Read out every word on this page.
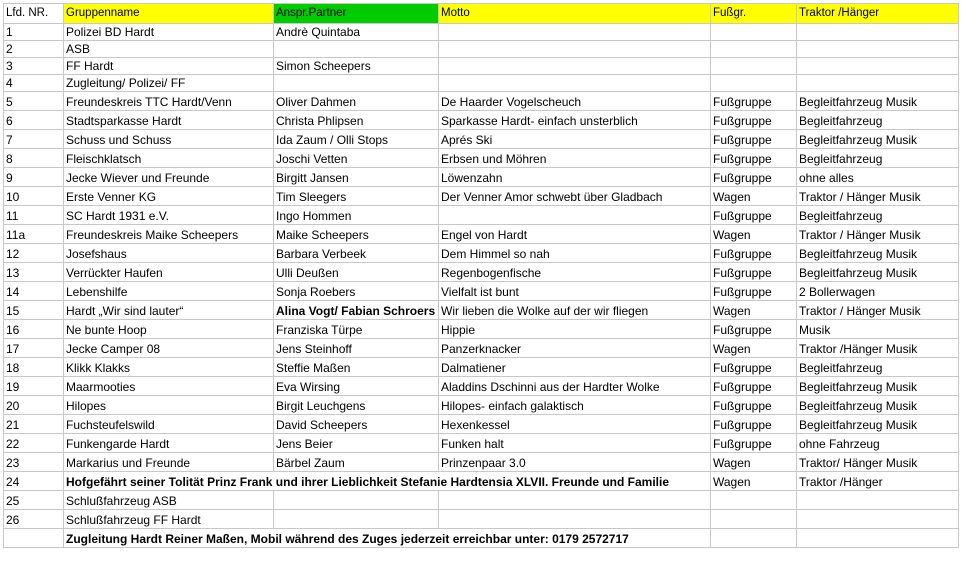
Lfd. NR.	Gruppenname	Anspr.Partner	Motto	Fußgr.	Traktor /Hänger
1	Polizei BD Hardt	Andrè Quintaba			
2	ASB				
3	FF Hardt	Simon Scheepers			
4	Zugleitung/ Polizei/ FF				
5	Freundeskreis TTC Hardt/Venn	Oliver Dahmen	De Haarder Vogelscheuch	Fußgruppe	Begleitfahrzeug Musik
6	Stadtsparkasse Hardt	Christa Phlipsen	Sparkasse Hardt- einfach unsterblich	Fußgruppe	Begleitfahrzeug
7	Schuss und Schuss	Ida Zaum / Olli Stops	Aprés Ski	Fußgruppe	Begleitfahrzeug Musik
8	Fleischklatsch	Joschi Vetten	Erbsen und Möhren	Fußgruppe	Begleitfahrzeug
9	Jecke Wiever und Freunde	Birgitt Jansen	Löwenzahn	Fußgruppe	ohne alles
10	Erste Venner KG	Tim Sleegers	Der Venner Amor schwebt über Gladbach	Wagen	Traktor / Hänger Musik
11	SC Hardt 1931 e.V.	Ingo Hommen		Fußgruppe	Begleitfahrzeug
11a	Freundeskreis Maike Scheepers	Maike Scheepers	Engel von Hardt	Wagen	Traktor / Hänger Musik
12	Josefshaus	Barbara Verbeek	Dem Himmel so nah	Fußgruppe	Begleitfahrzeug Musik
13	Verrückter Haufen	Ulli Deußen	Regenbogenfische	Fußgruppe	Begleitfahrzeug Musik
14	Lebenshilfe	Sonja Roebers	Vielfalt ist bunt	Fußgruppe	2 Bollerwagen
15	Hardt „Wir sind lauter“	Alina Vogt/ Fabian Schroers	Wir lieben die Wolke auf der wir fliegen	Wagen	Traktor / Hänger Musik
16	Ne bunte Hoop	Franziska Türpe	Hippie	Fußgruppe	Musik
17	Jecke Camper 08	Jens Steinhoff	Panzerknacker	Wagen	Traktor /Hänger Musik
18	Klikk Klakks	Steffie Maßen	Dalmatiener	Fußgruppe	Begleitfahrzeug
19	Maarmooties	Eva Wirsing	Aladdins Dschinni aus der Hardter Wolke	Fußgruppe	Begleitfahrzeug Musik
20	Hilopes	Birgit Leuchgens	Hilopes- einfach galaktisch	Fußgruppe	Begleitfahrzeug Musik
21	Fuchsteufelswild	David Scheepers	Hexenkessel	Fußgruppe	Begleitfahrzeug Musik
22	Funkengarde Hardt	Jens Beier	Funken halt	Fußgruppe	ohne Fahrzeug
23	Markarius und Freunde	Bärbel Zaum	Prinzenpaar 3.0	Wagen	Traktor/ Hänger Musik
24	Hofgefährt seiner Tolität Prinz Frank und ihrer Lieblichkeit Stefanie Hardtensia XLVII. Freunde und Familie			Wagen	Traktor /Hänger
25	Schlußfahrzeug ASB				
26	Schlußfahrzeug FF Hardt				
	Zugleitung Hardt Reiner Maßen, Mobil während des Zuges jederzeit erreichbar unter: 0179 2572717				
